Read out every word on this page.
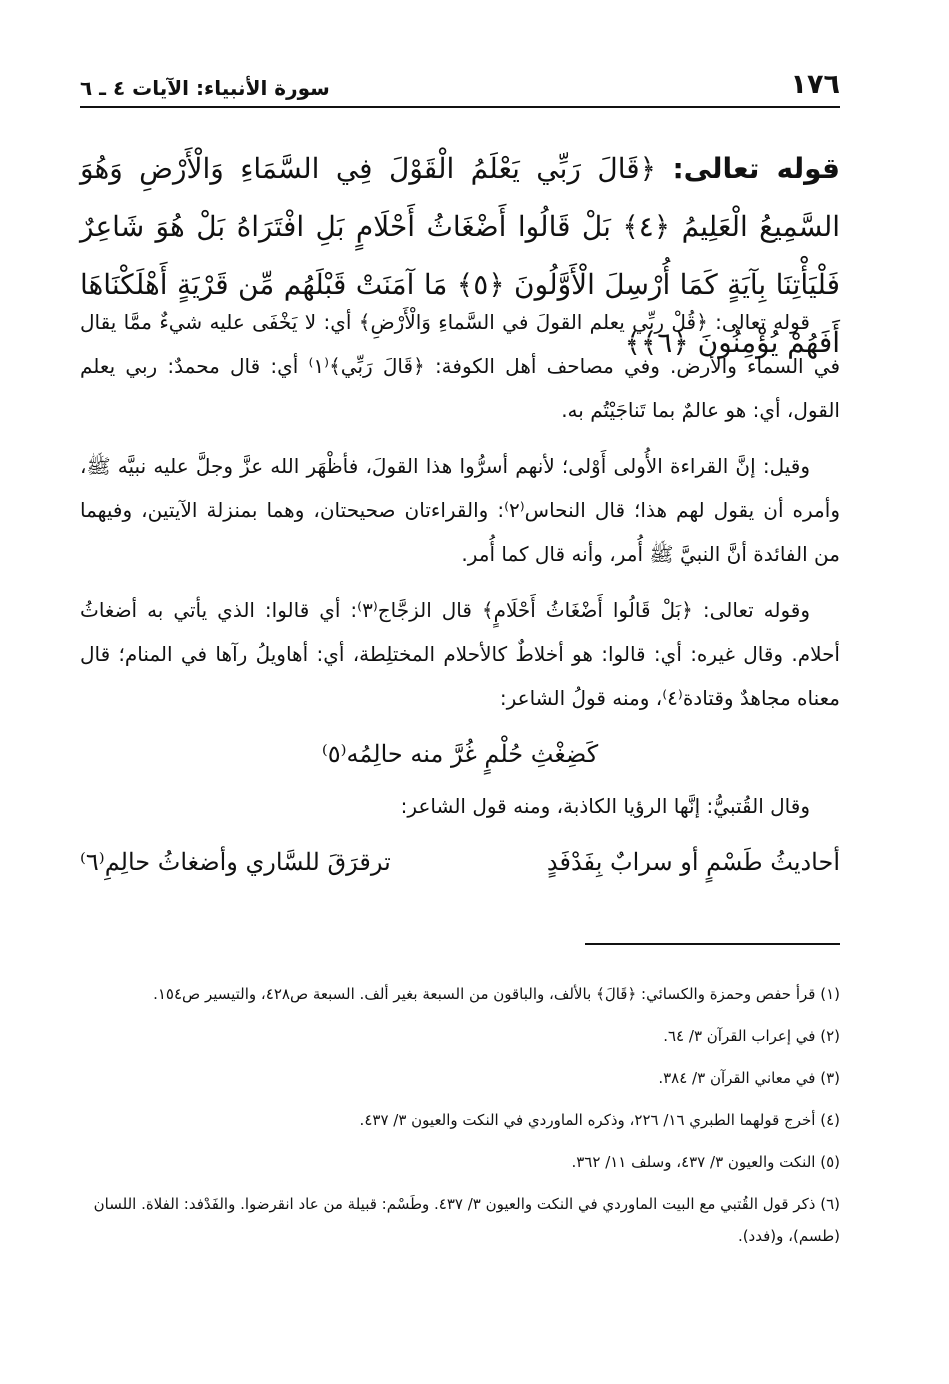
١٧٦
سورة الأنبياء: الآيات ٤ ـ ٦
قوله تعالى: ﴿قَالَ رَبِّي يَعْلَمُ الْقَوْلَ فِي السَّمَاءِ وَالْأَرْضِ وَهُوَ السَّمِيعُ الْعَلِيمُ ﴿٤﴾ بَلْ قَالُوا أَضْغَاثُ أَحْلَامٍ بَلِ افْتَرَاهُ بَلْ هُوَ شَاعِرٌ فَلْيَأْتِنَا بِآيَةٍ كَمَا أُرْسِلَ الْأَوَّلُونَ ﴿٥﴾ مَا آمَنَتْ قَبْلَهُم مِّن قَرْيَةٍ أَهْلَكْنَاهَا أَفَهُمْ يُؤْمِنُونَ ﴿٦﴾﴾

قوله تعالى: ﴿قُلْ ربِّي يعلم القولَ في السَّماءِ وَالْأَرْضِ﴾ أي: لا يَخْفَى عليه شيءٌ ممَّا يقال في السماء والأرض. وفي مصاحف أهل الكوفة: ﴿قَالَ رَبِّي﴾⁽١⁾ أي: قال محمدٌ: ربي يعلم القول، أي: هو عالمٌ بما تَناجَيْتُم به.

وقيل: إنَّ القراءة الأُولى أَوْلى؛ لأنهم أسرُّوا هذا القولَ، فأظْهَر الله عزَّ وجلَّ عليه نبيَّه ﷺ، وأمره أن يقول لهم هذا؛ قال النحاس⁽٢⁾: والقراءتان صحيحتان، وهما بمنزلة الآيتين، وفيهما من الفائدة أنَّ النبيَّ ﷺ أُمر، وأنه قال كما أُمر.

وقوله تعالى: ﴿بَلْ قَالُوا أَضْغَاثُ أَحْلَامٍ﴾ قال الزجَّاج⁽٣⁾: أي قالوا: الذي يأتي به أضغاثُ أحلام. وقال غيره: أي: قالوا: هو أخلاطٌ كالأحلام المختلِطة، أي: أهاويلُ رآها في المنام؛ قال معناه مجاهدٌ وقتادة⁽٤⁾، ومنه قولُ الشاعر:

كَضِغْثِ حُلْمٍ غُرَّ منه حالِمُه⁽٥⁾

وقال القُتبيُّ: إنَّها الرؤيا الكاذبة، ومنه قول الشاعر:

أحاديثُ طَسْمٍ أو سرابٌ بِفَدْفَدٍ
ترقرَقَ للسَّاري وأضغاثُ حالِمِ⁽٦⁾
(١) قرأ حفص وحمزة والكسائي: ﴿قَالَ﴾ بالألف، والباقون من السبعة بغير ألف. السبعة ص٤٢٨، والتيسير ص١٥٤.
(٢) في إعراب القرآن ٣/ ٦٤.
(٣) في معاني القرآن ٣/ ٣٨٤.
(٤) أخرج قولهما الطبري ١٦/ ٢٢٦، وذكره الماوردي في النكت والعيون ٣/ ٤٣٧.
(٥) النكت والعيون ٣/ ٤٣٧، وسلف ١١/ ٣٦٢.
(٦) ذكر قول القُتبي مع البيت الماوردي في النكت والعيون ٣/ ٤٣٧. وطَسْم: قبيلة من عاد انقرضوا. والفَدْفد: الفلاة. اللسان (طسم)، و(فدد).
